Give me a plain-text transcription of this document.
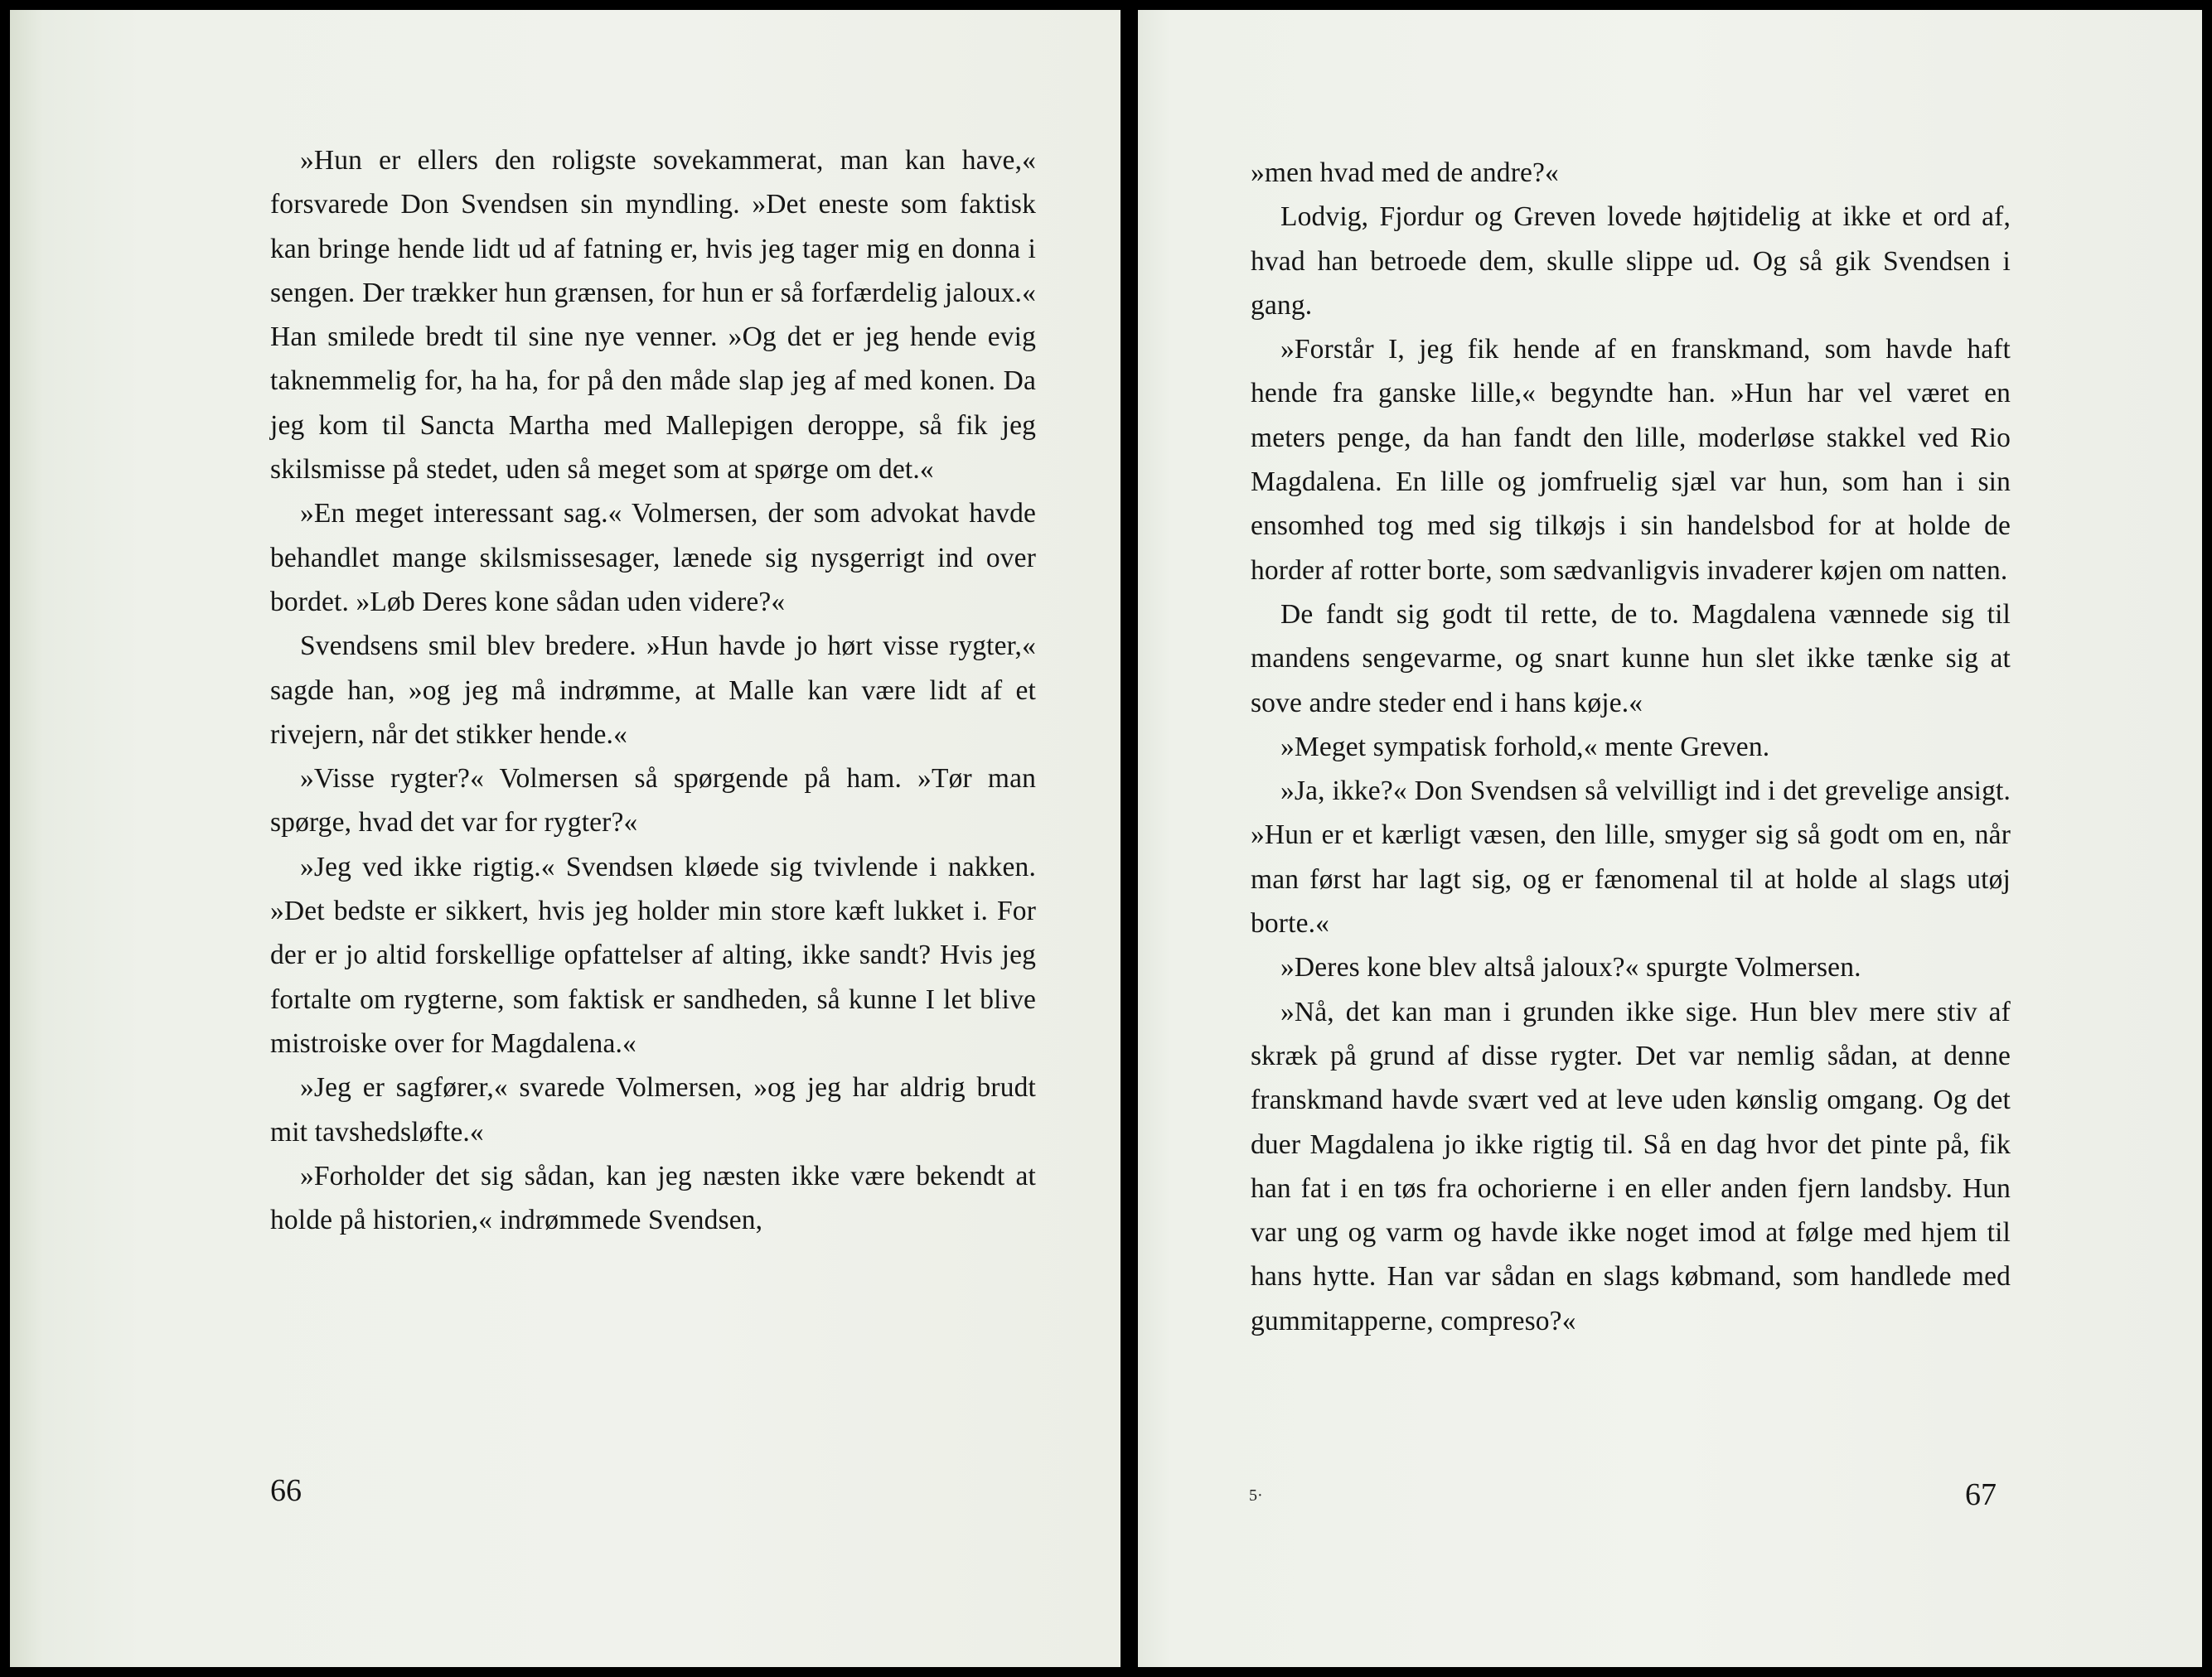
»Hun er ellers den roligste sovekammerat, man kan have,« forsvarede Don Svendsen sin myndling. »Det eneste som faktisk kan bringe hende lidt ud af fatning er, hvis jeg tager mig en donna i sengen. Der trækker hun grænsen, for hun er så forfærdelig jaloux.« Han smilede bredt til sine nye venner. »Og det er jeg hende evig taknemmelig for, ha ha, for på den måde slap jeg af med konen. Da jeg kom til Sancta Martha med Mallepigen deroppe, så fik jeg skilsmisse på stedet, uden så meget som at spørge om det.«

»En meget interessant sag.« Volmersen, der som advokat havde behandlet mange skilsmissesager, lænede sig nysgerrigt ind over bordet. »Løb Deres kone sådan uden videre?«

Svendsens smil blev bredere. »Hun havde jo hørt visse rygter,« sagde han, »og jeg må indrømme, at Malle kan være lidt af et rivejern, når det stikker hende.«

»Visse rygter?« Volmersen så spørgende på ham. »Tør man spørge, hvad det var for rygter?«

»Jeg ved ikke rigtig.« Svendsen kløede sig tvivlende i nakken. »Det bedste er sikkert, hvis jeg holder min store kæft lukket i. For der er jo altid forskellige opfattelser af alting, ikke sandt? Hvis jeg fortalte om rygterne, som faktisk er sandheden, så kunne I let blive mistroiske over for Magdalena.«

»Jeg er sagfører,« svarede Volmersen, »og jeg har aldrig brudt mit tavshedsløfte.«

»Forholder det sig sådan, kan jeg næsten ikke være bekendt at holde på historien,« indrømmede Svendsen,

66

»men hvad med de andre?«

Lodvig, Fjordur og Greven lovede højtidelig at ikke et ord af, hvad han betroede dem, skulle slippe ud. Og så gik Svendsen i gang.

»Forstår I, jeg fik hende af en franskmand, som havde haft hende fra ganske lille,« begyndte han. »Hun har vel været en meters penge, da han fandt den lille, moderløse stakkel ved Rio Magdalena. En lille og jomfruelig sjæl var hun, som han i sin ensomhed tog med sig tilkøjs i sin handelsbod for at holde de horder af rotter borte, som sædvanligvis invaderer køjen om natten.

De fandt sig godt til rette, de to. Magdalena vænnede sig til mandens sengevarme, og snart kunne hun slet ikke tænke sig at sove andre steder end i hans køje.«

»Meget sympatisk forhold,« mente Greven.

»Ja, ikke?« Don Svendsen så velvilligt ind i det grevelige ansigt. »Hun er et kærligt væsen, den lille, smyger sig så godt om en, når man først har lagt sig, og er fænomenal til at holde al slags utøj borte.«

»Deres kone blev altså jaloux?« spurgte Volmersen.

»Nå, det kan man i grunden ikke sige. Hun blev mere stiv af skræk på grund af disse rygter. Det var nemlig sådan, at denne franskmand havde svært ved at leve uden kønslig omgang. Og det duer Magdalena jo ikke rigtig til. Så en dag hvor det pinte på, fik han fat i en tøs fra ochorierne i en eller anden fjern landsby. Hun var ung og varm og havde ikke noget imod at følge med hjem til hans hytte. Han var sådan en slags købmand, som handlede med gummitapperne, compreso?«

5·	67
